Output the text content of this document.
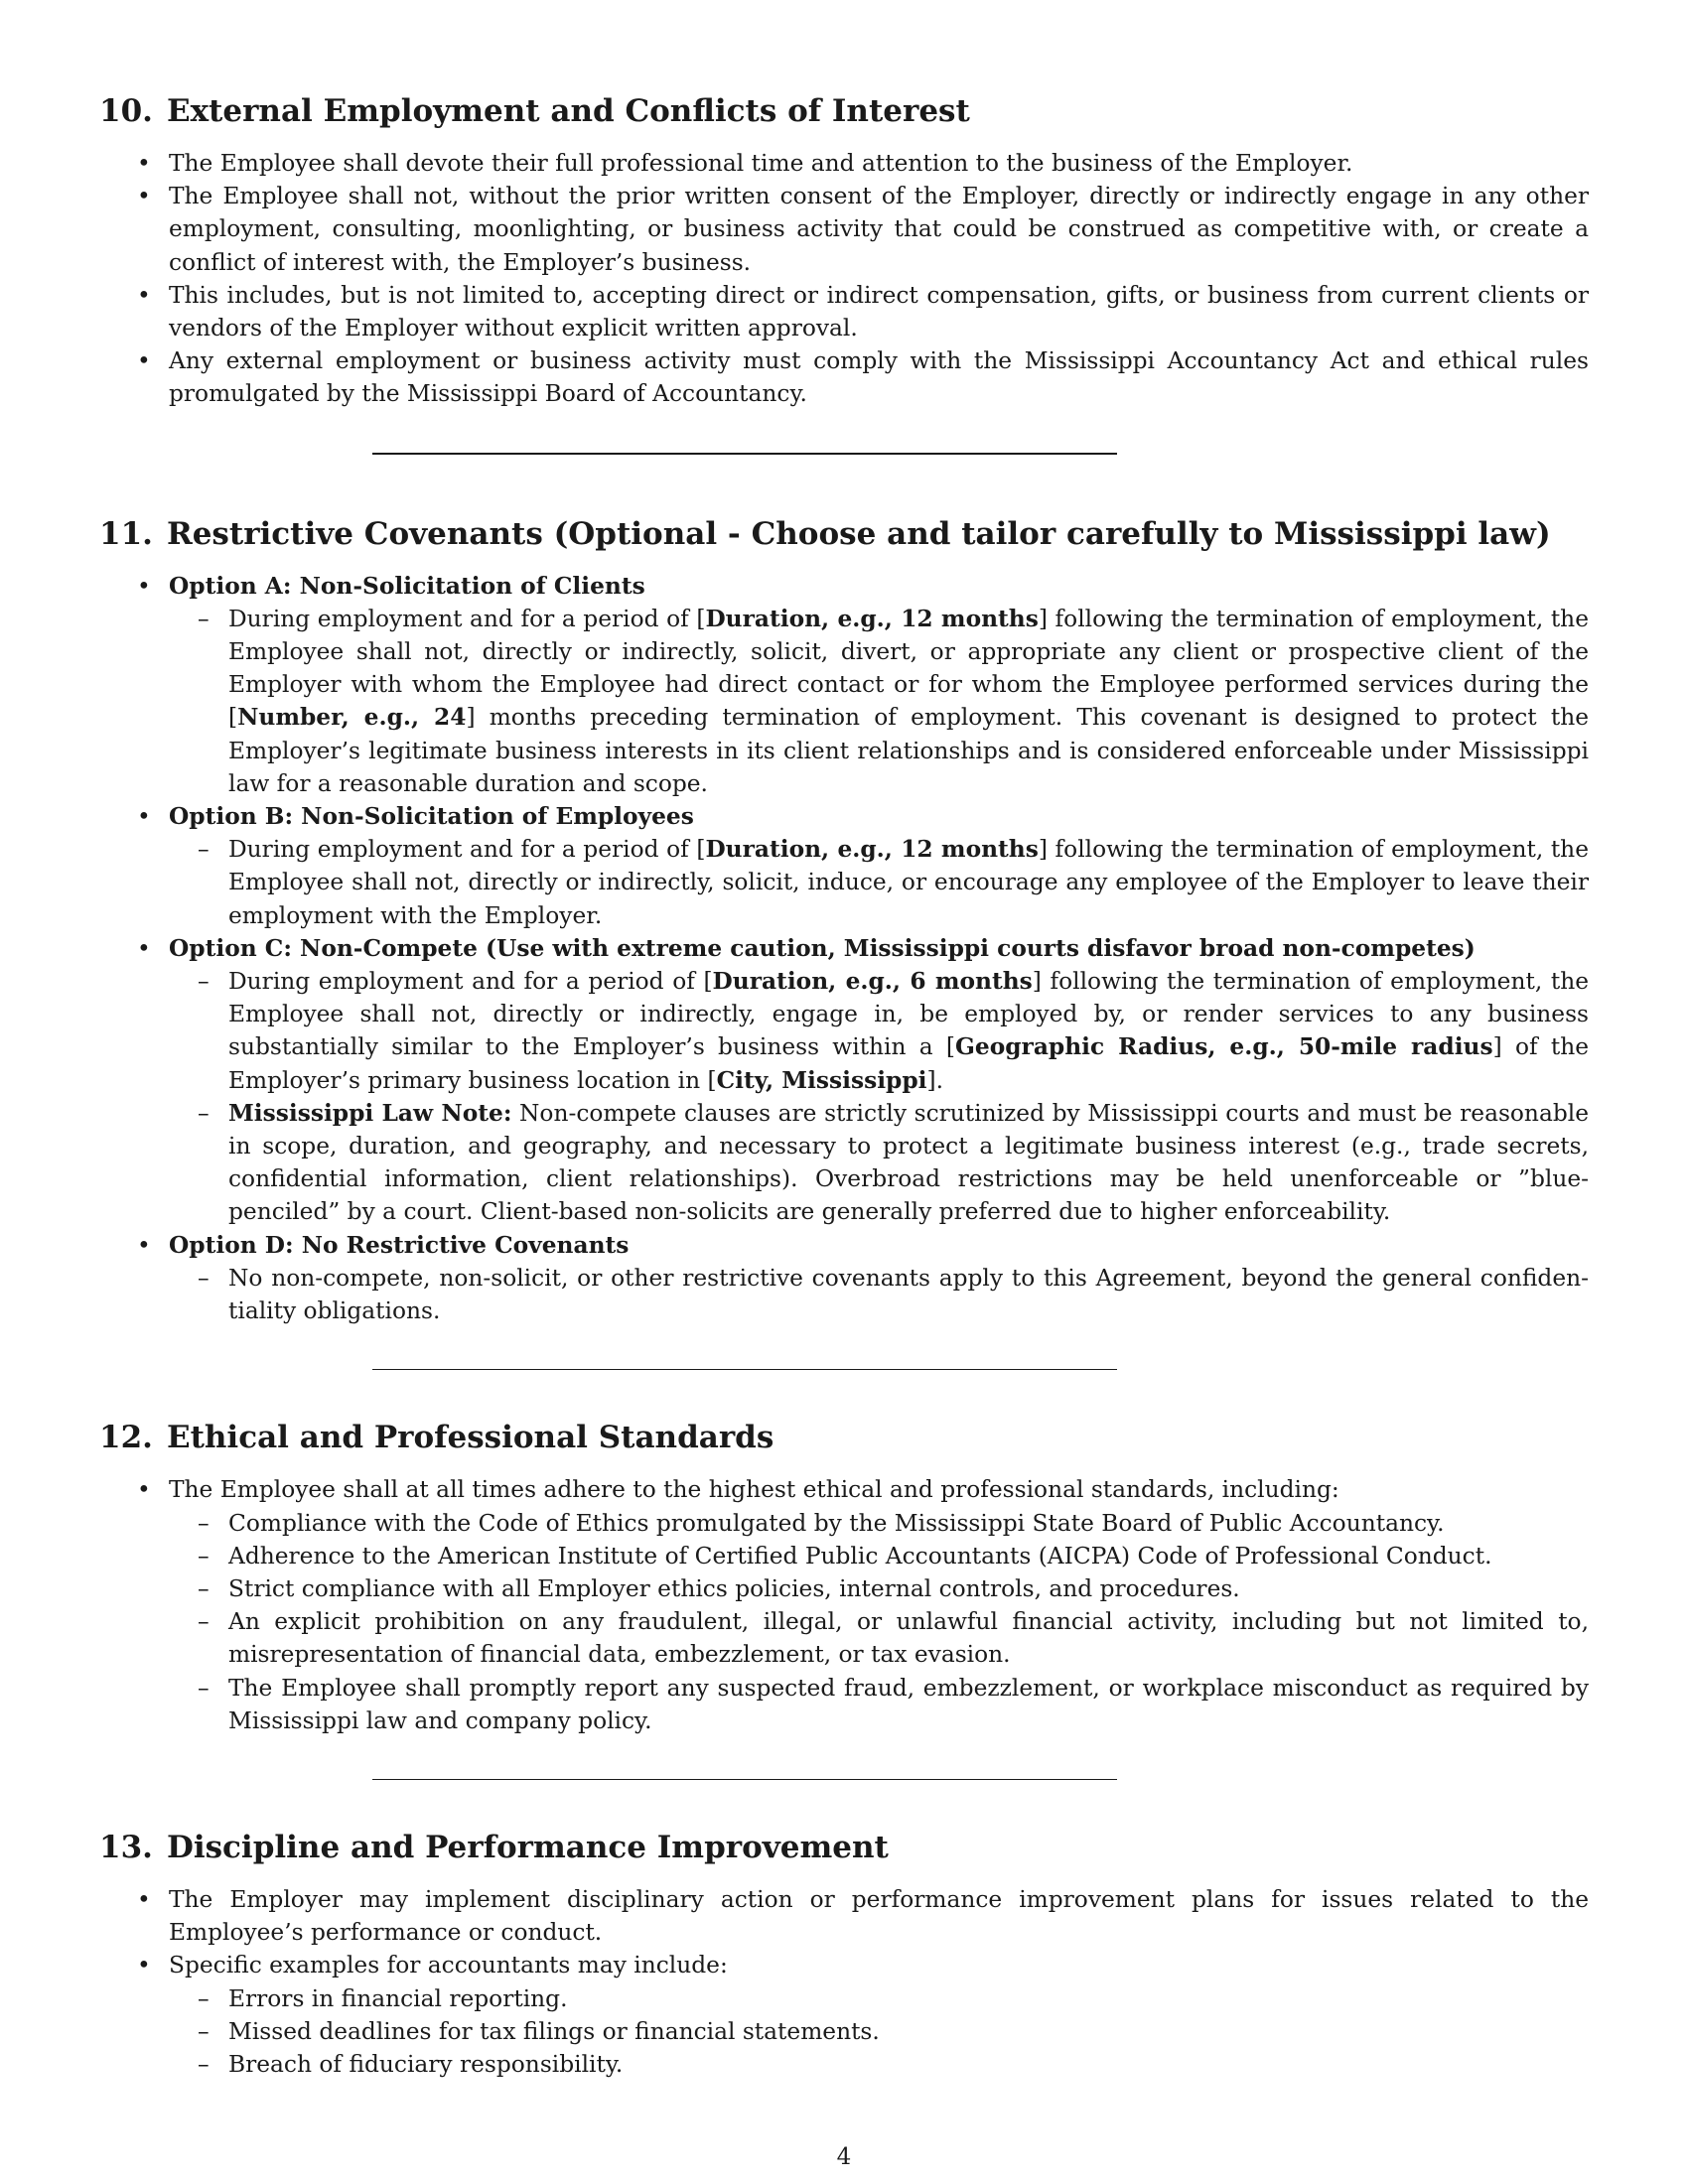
10. External Employment and Conflicts of Interest
• The Employee shall devote their full professional time and attention to the business of the Employer.
• The Employee shall not, without the prior written consent of the Employer, directly or indirectly engage in any other employment, consulting, moonlighting, or business activity that could be construed as competitive with, or create a conflict of interest with, the Employer’s business.
• This includes, but is not limited to, accepting direct or indirect compensation, gifts, or business from current clients or vendors of the Employer without explicit written approval.
• Any external employment or business activity must comply with the Mississippi Accountancy Act and ethical rules promulgated by the Mississippi Board of Accountancy.
11. Restrictive Covenants (Optional - Choose and tailor carefully to Mississippi law)
• Option A: Non-Solicitation of Clients
– During employment and for a period of [Duration, e.g., 12 months] following the termination of employment, the Employee shall not, directly or indirectly, solicit, divert, or appropriate any client or prospective client of the Employer with whom the Employee had direct contact or for whom the Employee performed services during the [Number, e.g., 24] months preceding termination of employment. This covenant is designed to protect the Employer’s legitimate business interests in its client relationships and is considered enforceable under Mississippi law for a reasonable duration and scope.
• Option B: Non-Solicitation of Employees
– During employment and for a period of [Duration, e.g., 12 months] following the termination of employment, the Employee shall not, directly or indirectly, solicit, induce, or encourage any employee of the Employer to leave their employment with the Employer.
• Option C: Non-Compete (Use with extreme caution, Mississippi courts disfavor broad non-competes)
– During employment and for a period of [Duration, e.g., 6 months] following the termination of employment, the Employee shall not, directly or indirectly, engage in, be employed by, or render services to any business substantially similar to the Employer’s business within a [Geographic Radius, e.g., 50-mile radius] of the Employer’s primary business location in [City, Mississippi].
– Mississippi Law Note: Non-compete clauses are strictly scrutinized by Mississippi courts and must be reasonable in scope, duration, and geography, and necessary to protect a legitimate business interest (e.g., trade secrets, confidential information, client relationships). Overbroad restrictions may be held unenforceable or ”blue-penciled” by a court. Client-based non-solicits are generally preferred due to higher enforceability.
• Option D: No Restrictive Covenants
– No non-compete, non-solicit, or other restrictive covenants apply to this Agreement, beyond the general confidentiality obligations.
12. Ethical and Professional Standards
• The Employee shall at all times adhere to the highest ethical and professional standards, including:
– Compliance with the Code of Ethics promulgated by the Mississippi State Board of Public Accountancy.
– Adherence to the American Institute of Certified Public Accountants (AICPA) Code of Professional Conduct.
– Strict compliance with all Employer ethics policies, internal controls, and procedures.
– An explicit prohibition on any fraudulent, illegal, or unlawful financial activity, including but not limited to, misrepresentation of financial data, embezzlement, or tax evasion.
– The Employee shall promptly report any suspected fraud, embezzlement, or workplace misconduct as required by Mississippi law and company policy.
13. Discipline and Performance Improvement
• The Employer may implement disciplinary action or performance improvement plans for issues related to the Employee’s performance or conduct.
• Specific examples for accountants may include:
– Errors in financial reporting.
– Missed deadlines for tax filings or financial statements.
– Breach of fiduciary responsibility.
4
